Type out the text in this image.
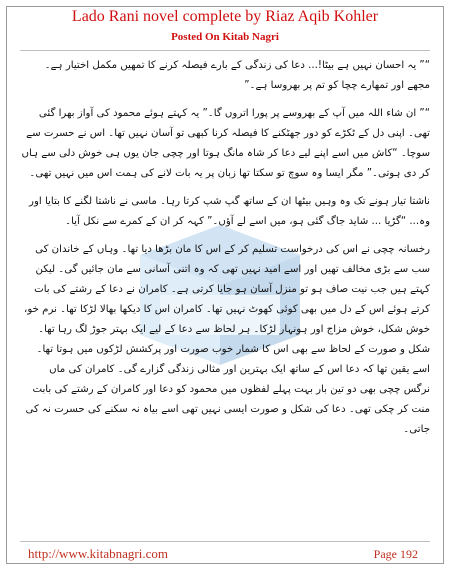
Lado Rani novel complete by Riaz Aqib Kohler
Posted On Kitab Nagri

“” یہ احسان نہیں ہے بیٹا!... دعا کی زندگی کے بارے فیصلہ کرنے کا تمھیں مکمل اختیار ہے۔ مجھے اور تمھارے چچا کو تم پر بھروسا ہے۔”

“” ان شاء اللہ میں آپ کے بھروسے پر پورا اتروں گا۔” یہ کہتے ہوئے محمود کی آواز بھرا گئی تھی۔ اپنی دل کے ٹکڑے کو دور جھٹکنے کا فیصلہ کرنا کبھی تو آسان نہیں تھا۔ اس نے حسرت سے سوچا۔ “کاش میں اسے اپنے لیے دعا کر شاہ مانگ ہوتا اور چچی جان یوں ہی خوش دلی سے ہاں کر دی ہوتی۔” مگر ایسا وہ سوچ تو سکتا تھا زبان پر یہ بات لانے کی ہمت اس میں نہیں تھی۔

ناشتا تیار ہونے تک وہ وہیں بیٹھا ان کے ساتھ گپ شپ کرتا رہا۔ ماسی نے ناشتا لگنے کا بتایا اور وہ... “گڑیا ... شاید جاگ گئی ہو، میں اسے لے آؤں۔” کہہ کر ان کے کمرے سے نکل آیا۔

رخسانہ چچی نے اس کی درخواست تسلیم کر کے اس کا مان بڑھا دیا تھا۔ وہاں کے خاندان کی سب سے بڑی مخالف تھیں اور اسے امید نہیں تھی کہ وہ اتنی آسانی سے مان جائیں گی۔ لیکن کہتے ہیں جب نیت صاف ہو تو منزل آسان ہو جایا کرتی ہے۔ کامران نے دعا کے رشتے کی بات کرتے ہوئے اس کے دل میں بھی کوئی کھوٹ نہیں تھا۔ کامران اس کا دیکھا بھالا لڑکا تھا۔ نرم خو، خوش شکل، خوش مزاج اور ہونہار لڑکا۔ ہر لحاظ سے دعا کے لیے ایک بہتر جوڑ لگ رہا تھا۔ شکل و صورت کے لحاظ سے بھی اس کا شمار خوب صورت اور پرکشش لڑکوں میں ہوتا تھا۔ اسے یقین تھا کہ دعا اس کے ساتھ ایک بہترین اور مثالی زندگی گزارے گی۔ کامران کی ماں نرگس چچی بھی دو تین بار بہت پہلے لفظوں میں محمود کو دعا اور کامران کے رشتے کی بابت منت کر چکی تھی۔ دعا کی شکل و صورت ایسی نہیں تھی اسے بیاہ نہ سکنے کی حسرت نہ کی جاتی۔

http://www.kitabnagri.com	Page 192
